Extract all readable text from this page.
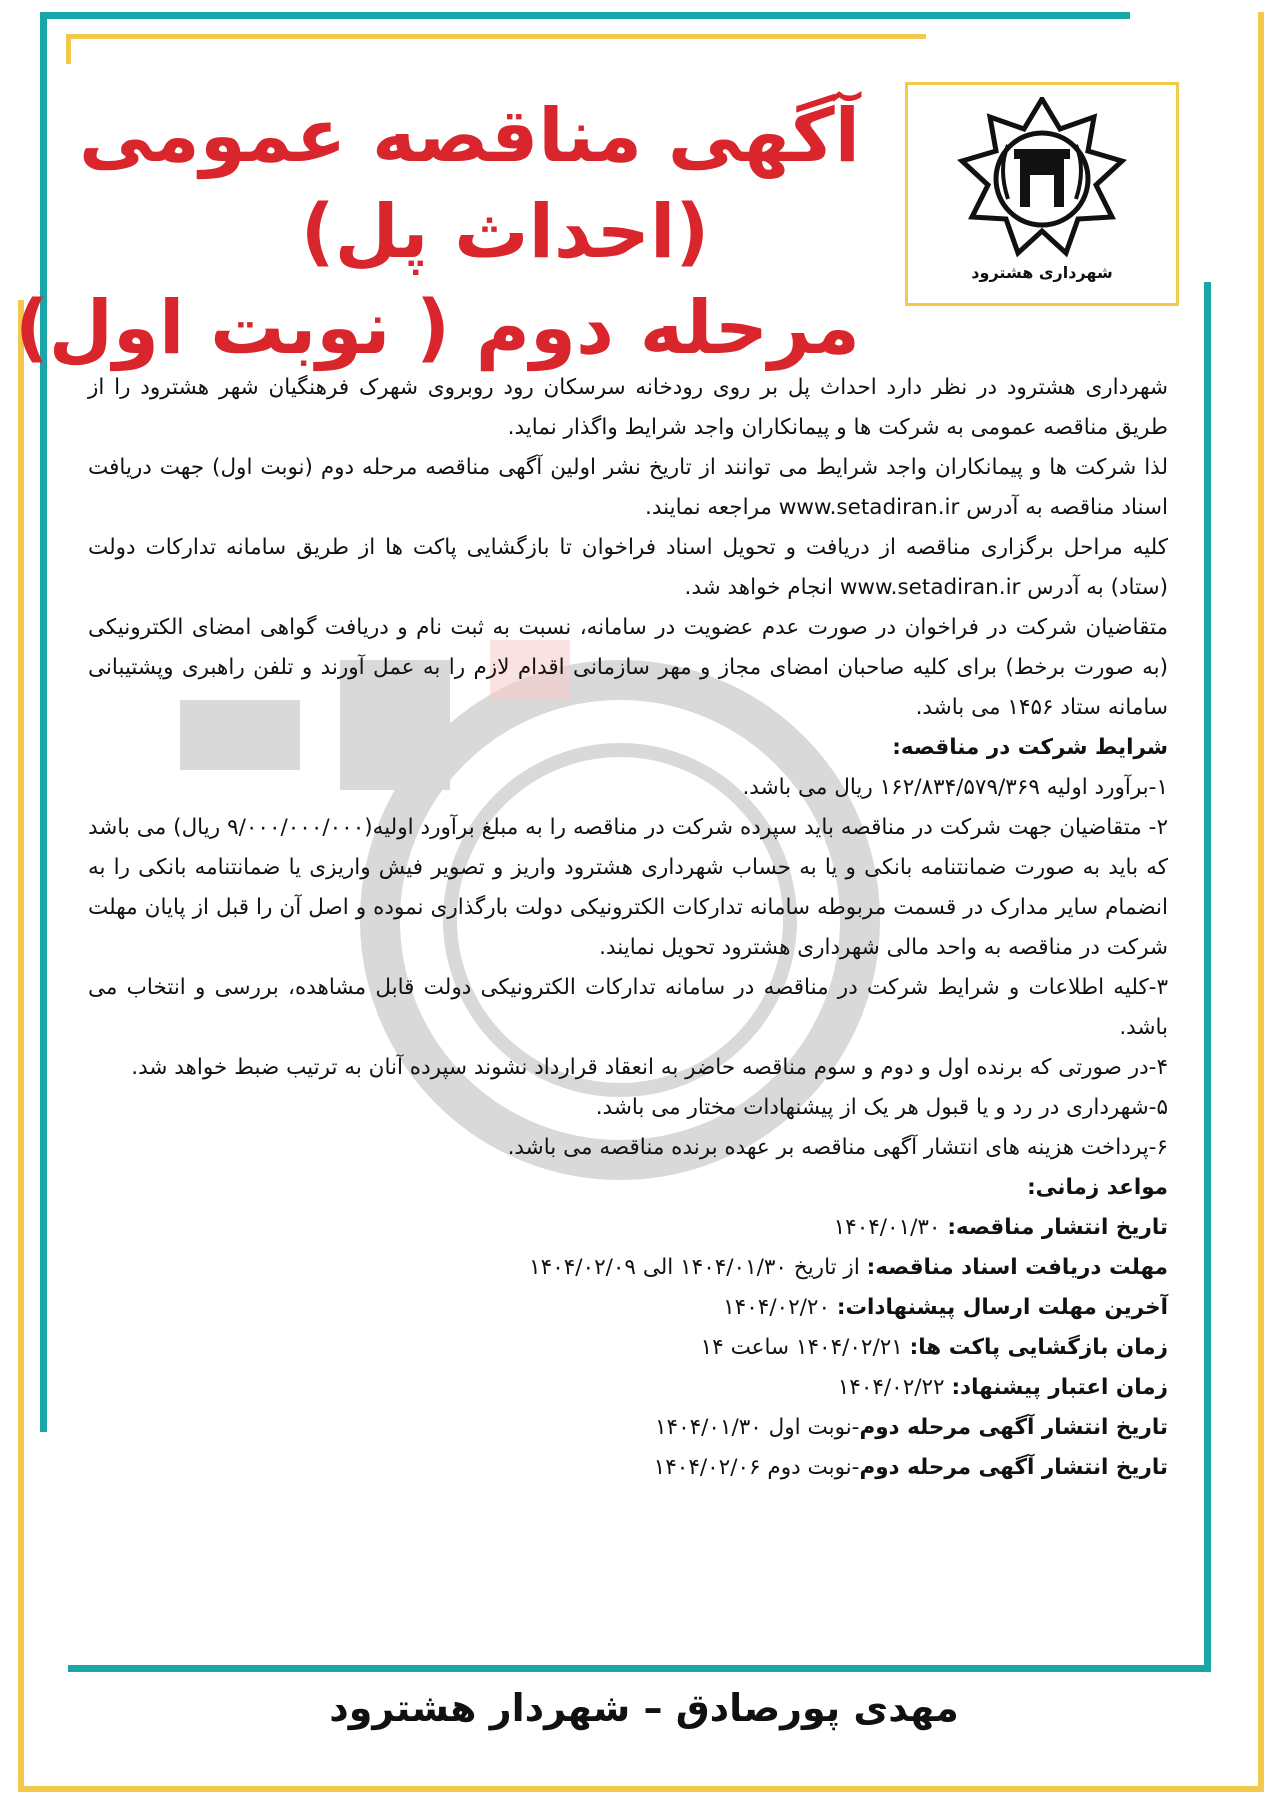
شهرداری هشترود
آگهی مناقصه عمومی
(احداث پل)
مرحله دوم ( نوبت اول)

شهرداری هشترود در نظر دارد احداث پل بر روی رودخانه سرسکان رود روبروی شهرک فرهنگیان شهر هشترود را از طریق مناقصه عمومی به شرکت ها و پیمانکاران واجد شرایط واگذار نماید.

لذا شرکت ها و پیمانکاران واجد شرایط می توانند از تاریخ نشر اولین آگهی مناقصه مرحله دوم (نوبت اول) جهت دریافت اسناد مناقصه به آدرس www.setadiran.ir مراجعه نمایند.

کلیه مراحل برگزاری مناقصه از دریافت و تحویل اسناد فراخوان تا بازگشایی پاکت ها از طریق سامانه تدارکات دولت (ستاد) به آدرس www.setadiran.ir انجام خواهد شد.

متقاضیان شرکت در فراخوان در صورت عدم عضویت در سامانه، نسبت به ثبت نام و دریافت گواهی امضای الکترونیکی (به صورت برخط) برای کلیه صاحبان امضای مجاز و مهر سازمانی اقدام لازم را به عمل آورند و تلفن راهبری وپشتیبانی سامانه ستاد ۱۴۵۶ می باشد.

شرایط شرکت در مناقصه:

۱-برآورد اولیه ۱۶۲/۸۳۴/۵۷۹/۳۶۹ ریال می باشد.

۲- متقاضیان جهت شرکت در مناقصه باید سپرده شرکت در مناقصه را به مبلغ برآورد اولیه(۹/۰۰۰/۰۰۰/۰۰۰ ریال) می باشد که باید به صورت ضمانتنامه بانکی و یا به حساب شهرداری هشترود واریز و تصویر فیش واریزی یا ضمانتنامه بانکی را به انضمام سایر مدارک در قسمت مربوطه سامانه تدارکات الکترونیکی دولت بارگذاری نموده و اصل آن را قبل از پایان مهلت شرکت در مناقصه به واحد مالی شهرداری هشترود تحویل نمایند.

۳-کلیه اطلاعات و شرایط شرکت در مناقصه در سامانه تدارکات الکترونیکی دولت قابل مشاهده، بررسی و انتخاب می باشد.

۴-در صورتی که برنده اول و دوم و سوم مناقصه حاضر به انعقاد قرارداد نشوند سپرده آنان به ترتیب ضبط خواهد شد.

۵-شهرداری در رد و یا قبول هر یک از پیشنهادات مختار می باشد.

۶-پرداخت هزینه های انتشار آگهی مناقصه بر عهده برنده مناقصه می باشد.

مواعد زمانی:

تاریخ انتشار مناقصه: ۱۴۰۴/۰۱/۳۰

مهلت دریافت اسناد مناقصه: از تاریخ ۱۴۰۴/۰۱/۳۰ الی ۱۴۰۴/۰۲/۰۹

آخرین مهلت ارسال پیشنهادات: ۱۴۰۴/۰۲/۲۰

زمان بازگشایی پاکت ها: ۱۴۰۴/۰۲/۲۱ ساعت ۱۴

زمان اعتبار پیشنهاد: ۱۴۰۴/۰۲/۲۲

تاریخ انتشار آگهی مرحله دوم-نوبت اول ۱۴۰۴/۰۱/۳۰

تاریخ انتشار آگهی مرحله دوم-نوبت دوم ۱۴۰۴/۰۲/۰۶

مهدی پورصادق – شهردار هشترود
